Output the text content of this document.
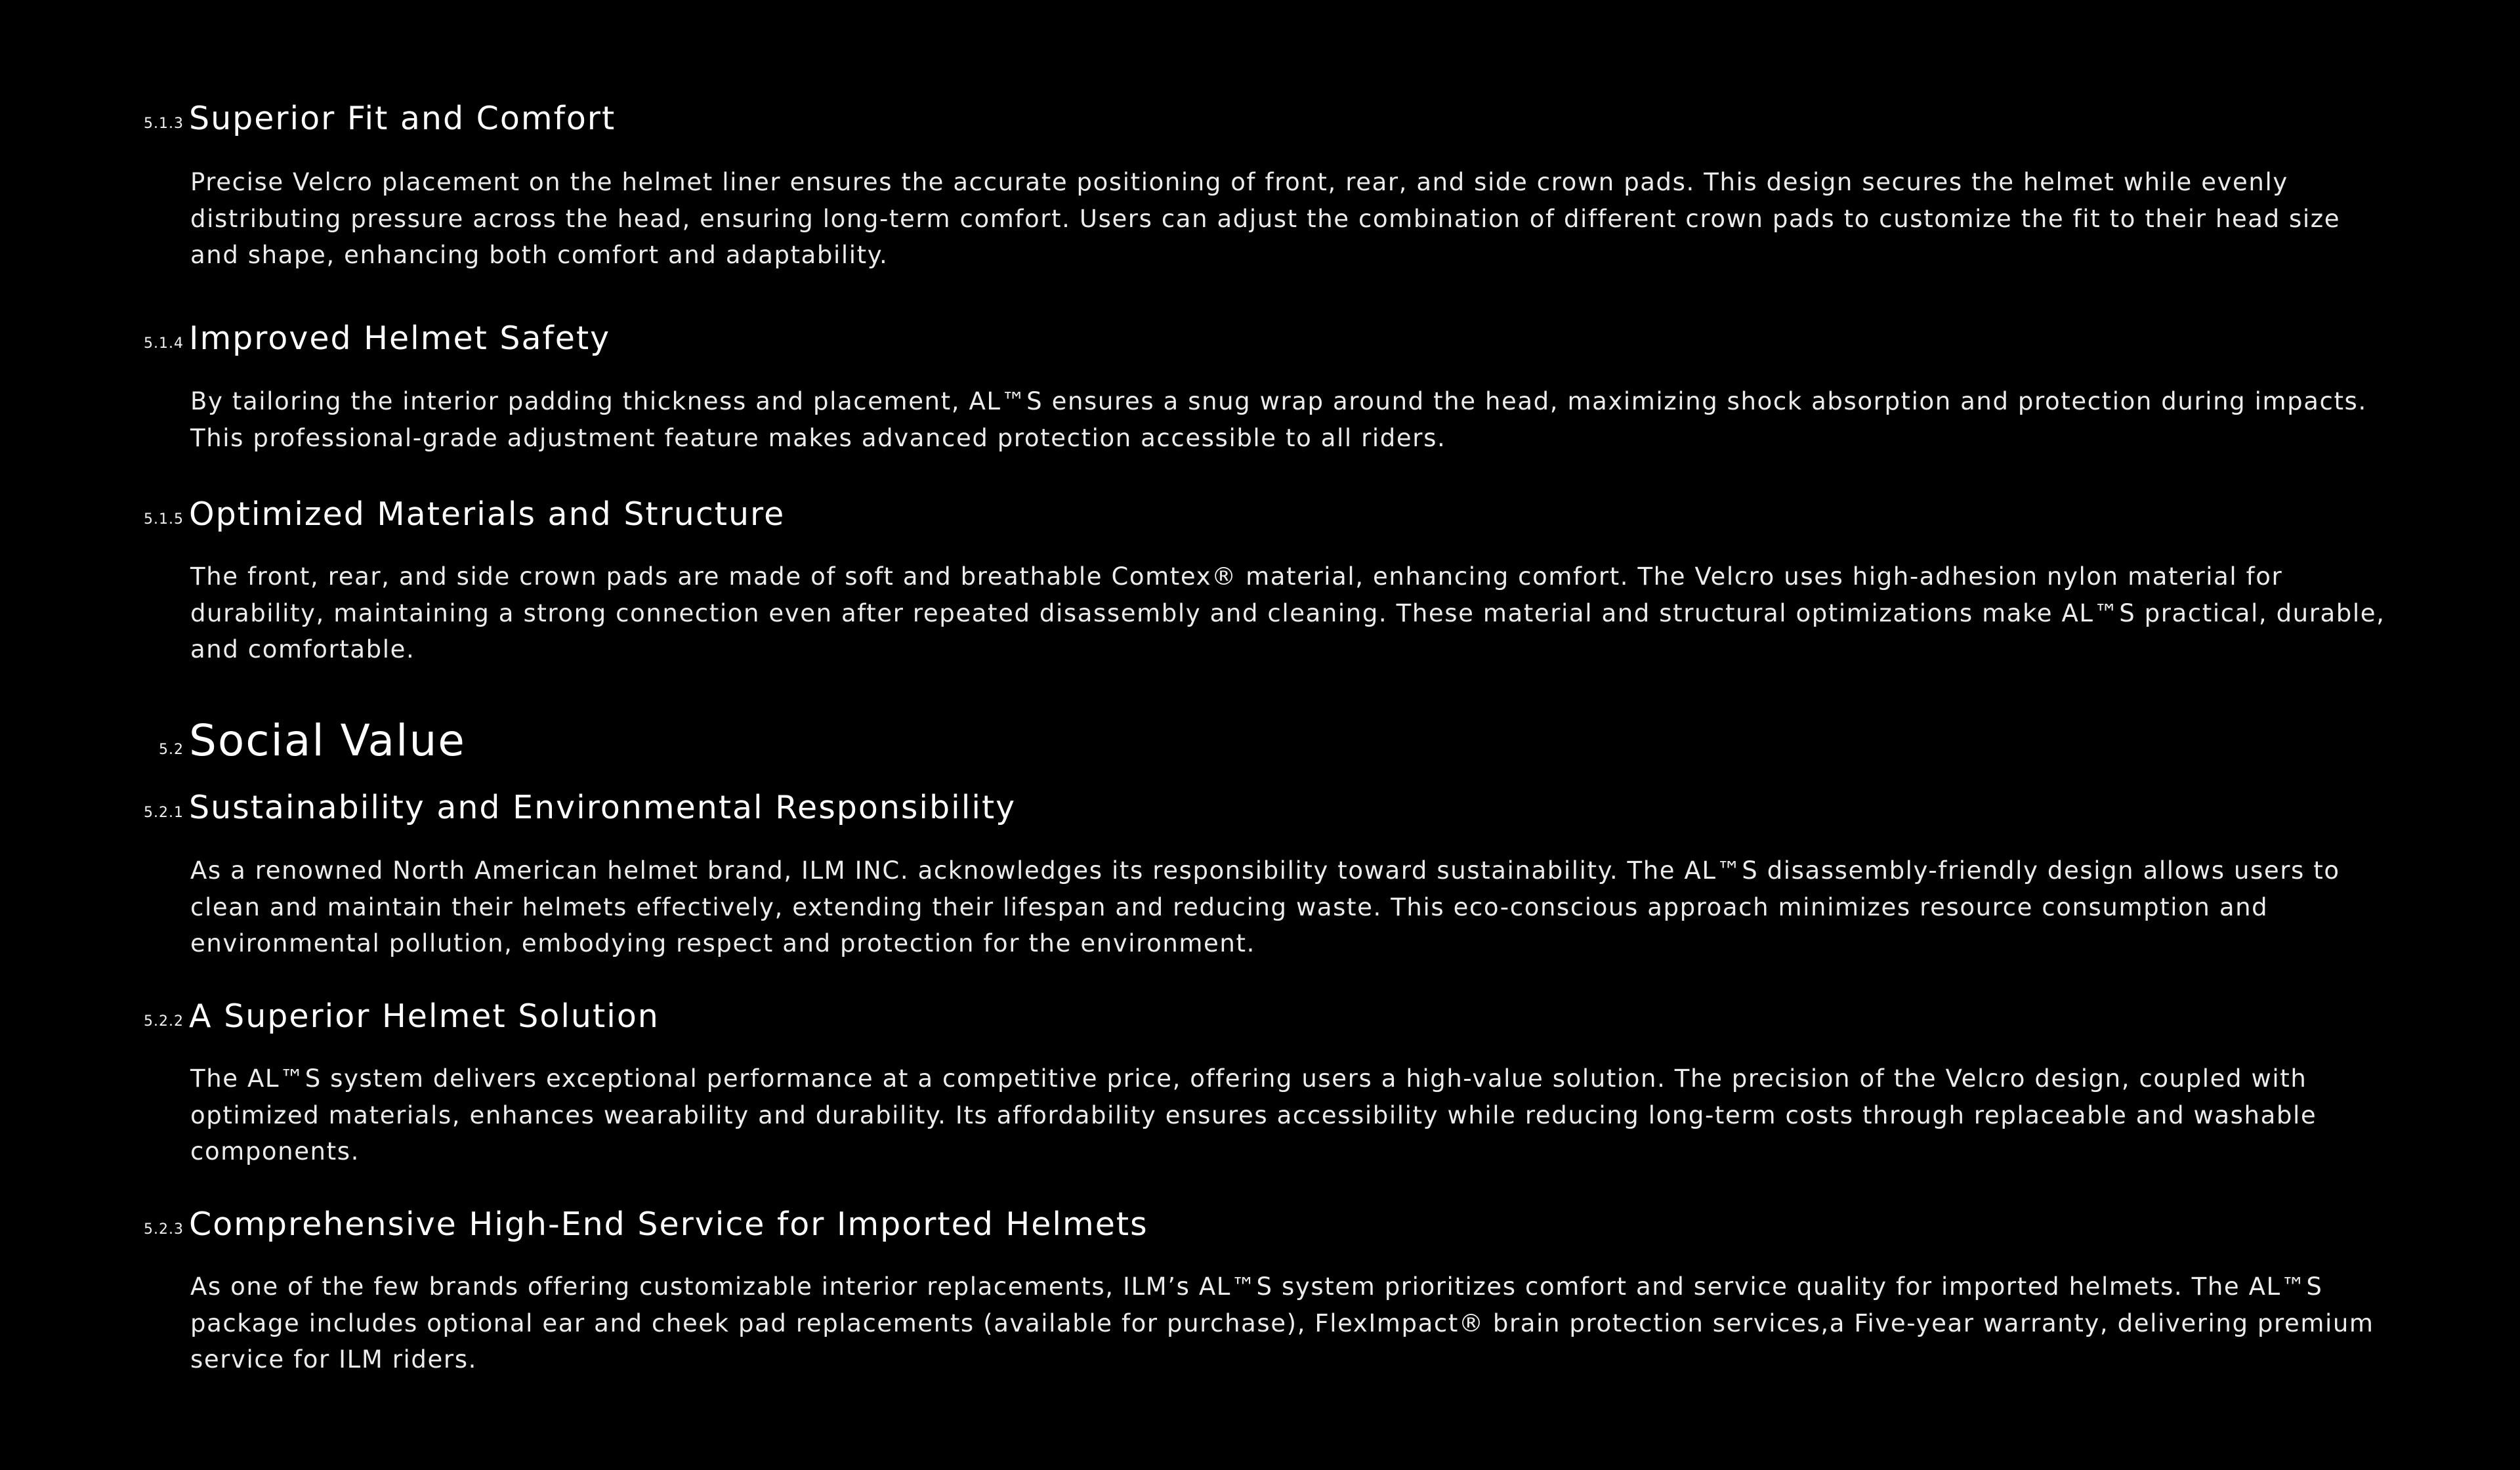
5.1.3 Superior Fit and Comfort

Precise Velcro placement on the helmet liner ensures the accurate positioning of front, rear, and side crown pads. This design secures the helmet while evenly distributing pressure across the head, ensuring long-term comfort. Users can adjust the combination of different crown pads to customize the fit to their head size and shape, enhancing both comfort and adaptability.

5.1.4 Improved Helmet Safety

By tailoring the interior padding thickness and placement, AL™S ensures a snug wrap around the head, maximizing shock absorption and protection during impacts. This professional-grade adjustment feature makes advanced protection accessible to all riders.

5.1.5 Optimized Materials and Structure

The front, rear, and side crown pads are made of soft and breathable Comtex® material, enhancing comfort. The Velcro uses high-adhesion nylon material for durability, maintaining a strong connection even after repeated disassembly and cleaning. These material and structural optimizations make AL™S practical, durable, and comfortable.

5.2 Social Value
5.2.1 Sustainability and Environmental Responsibility

As a renowned North American helmet brand, ILM INC. acknowledges its responsibility toward sustainability. The AL™S disassembly-friendly design allows users to clean and maintain their helmets effectively, extending their lifespan and reducing waste. This eco-conscious approach minimizes resource consumption and environmental pollution, embodying respect and protection for the environment.

5.2.2 A Superior Helmet Solution

The AL™S system delivers exceptional performance at a competitive price, offering users a high-value solution. The precision of the Velcro design, coupled with optimized materials, enhances wearability and durability. Its affordability ensures accessibility while reducing long-term costs through replaceable and washable components.

5.2.3 Comprehensive High-End Service for Imported Helmets

As one of the few brands offering customizable interior replacements, ILM’s AL™S system prioritizes comfort and service quality for imported helmets. The AL™S package includes optional ear and cheek pad replacements (available for purchase), FlexImpact® brain protection services,a Five-year warranty, delivering premium service for ILM riders.
